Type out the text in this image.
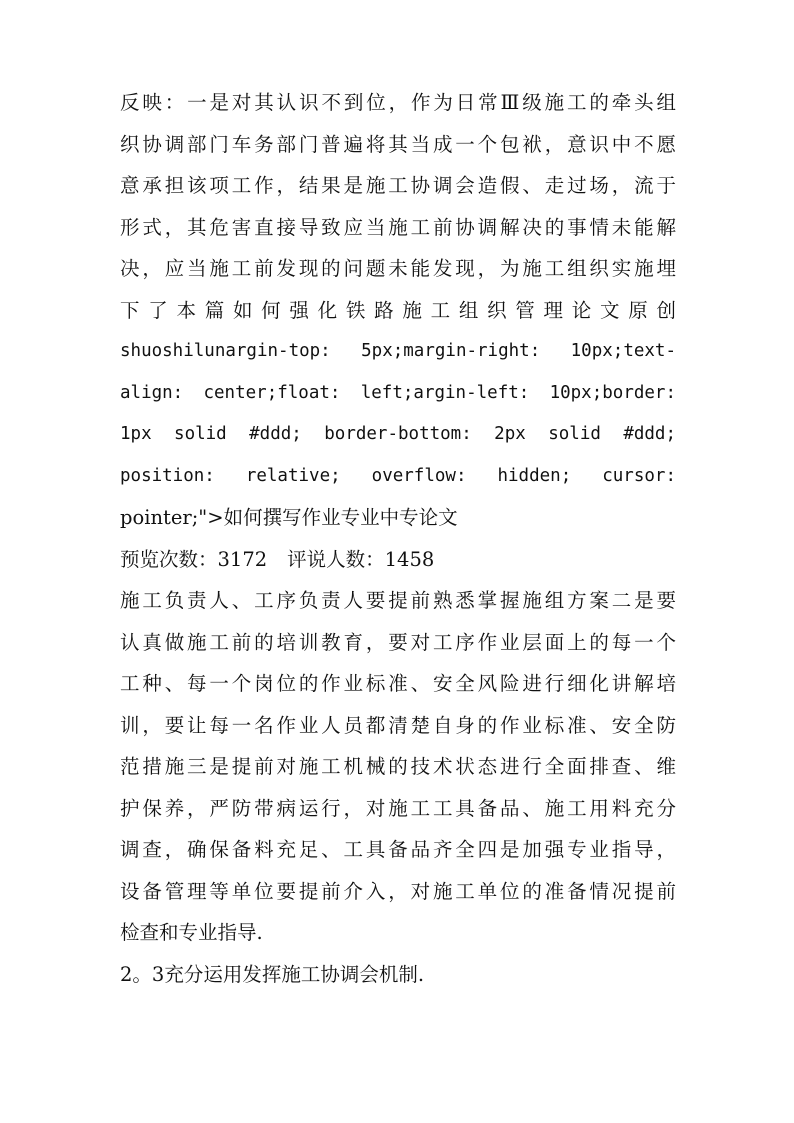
反映：一是对其认识不到位，作为日常Ⅲ级施工的牵头组
织协调部门车务部门普遍将其当成一个包袱，意识中不愿
意承担该项工作，结果是施工协调会造假、走过场，流于
形式，其危害直接导致应当施工前协调解决的事情未能解
决，应当施工前发现的问题未能发现，为施工组织实施埋
下了本篇如何强化铁路施工组织管理论文原创
shuoshilunargin-top: 5px;margin-right: 10px;text-
align: center;float: left;argin-left: 10px;border:
1px solid #ddd; border-bottom: 2px solid #ddd;
position: relative; overflow: hidden; cursor:
pointer;">如何撰写作业专业中专论文
预览次数：3172 评说人数：1458
施工负责人、工序负责人要提前熟悉掌握施组方案二是要
认真做施工前的培训教育，要对工序作业层面上的每一个
工种、每一个岗位的作业标准、安全风险进行细化讲解培
训，要让每一名作业人员都清楚自身的作业标准、安全防
范措施三是提前对施工机械的技术状态进行全面排查、维
护保养，严防带病运行，对施工工具备品、施工用料充分
调查，确保备料充足、工具备品齐全四是加强专业指导，
设备管理等单位要提前介入，对施工单位的准备情况提前
检查和专业指导.
2。3充分运用发挥施工协调会机制.
